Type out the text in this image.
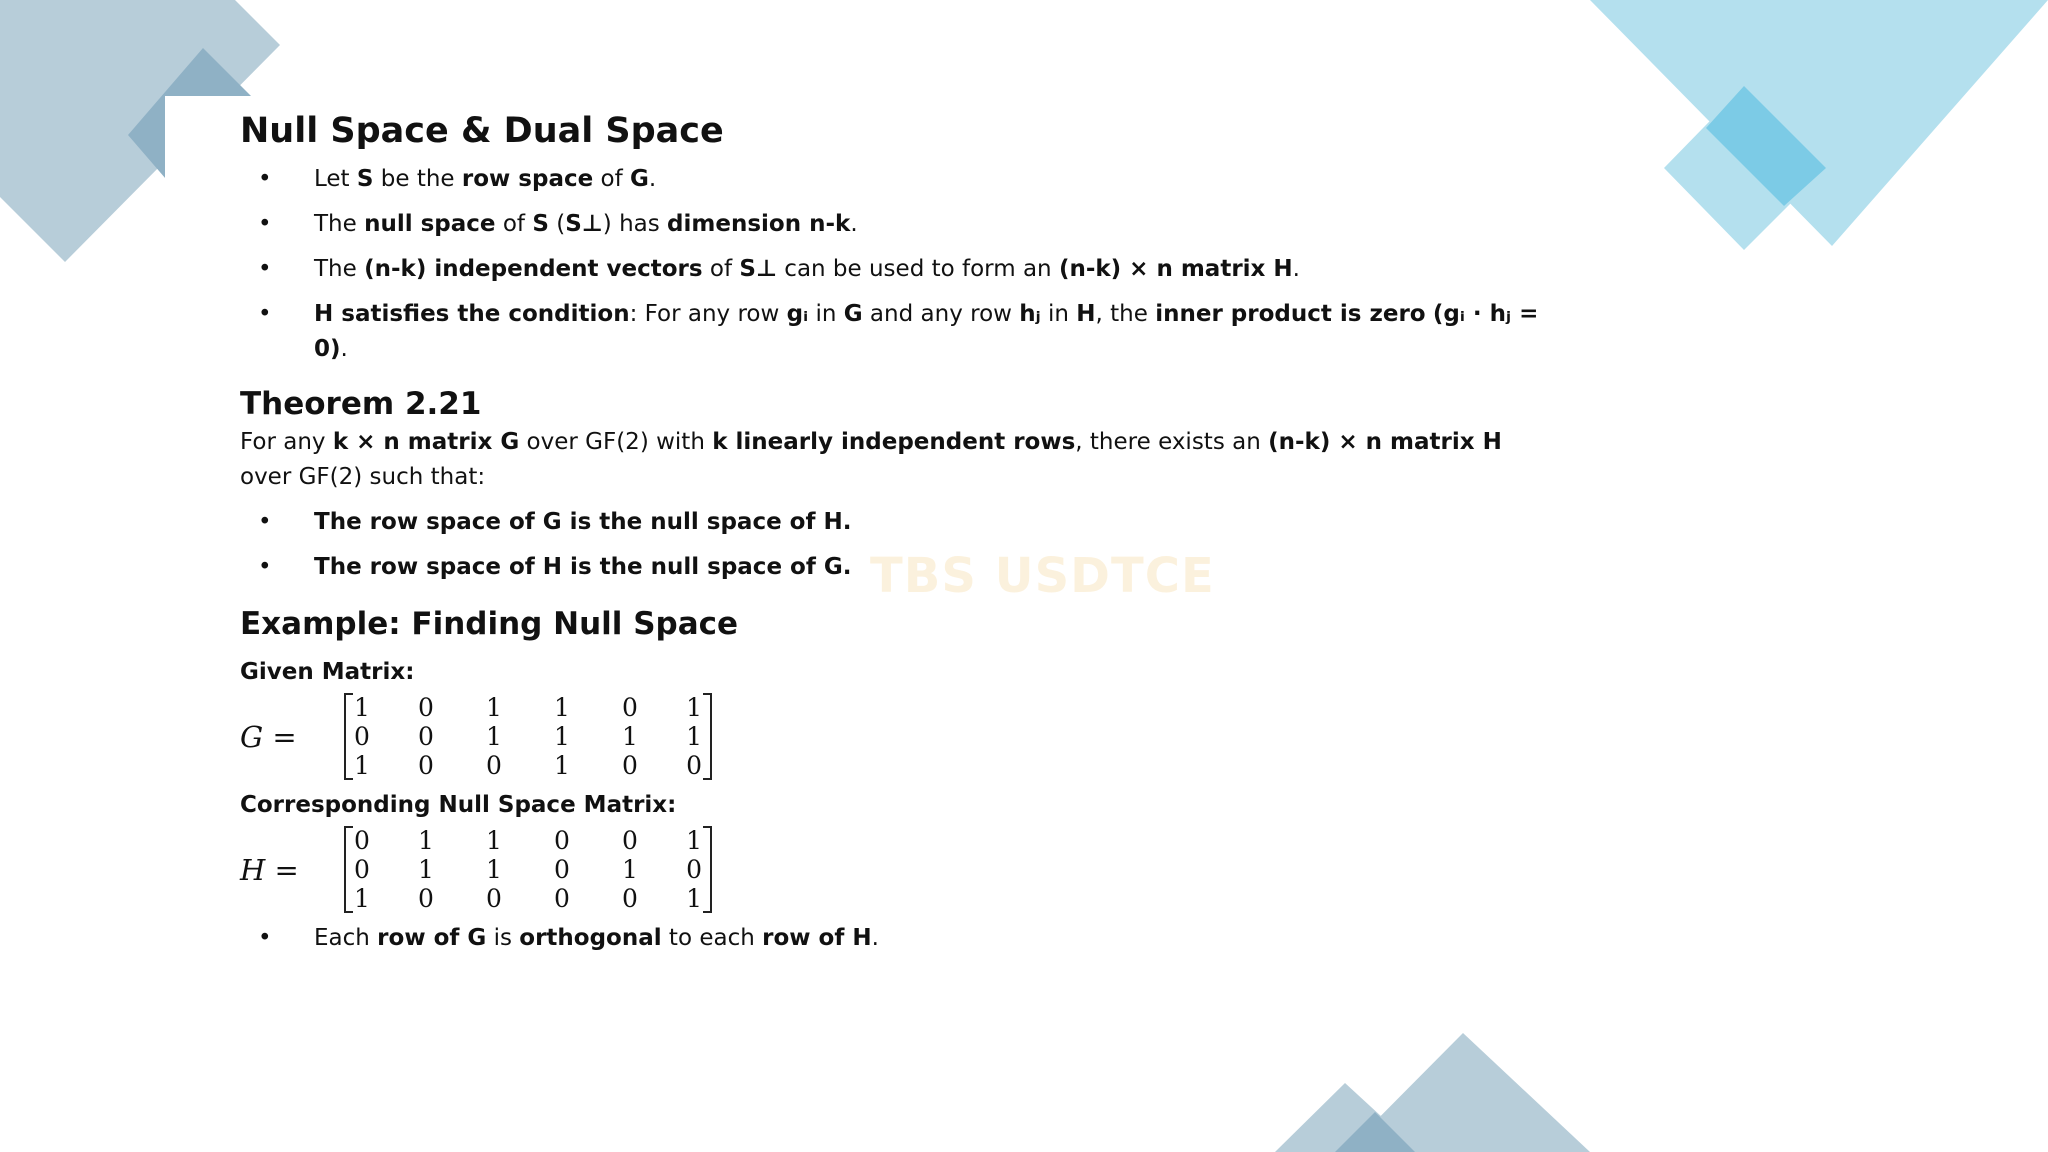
Null Space & Dual Space
• Let S be the row space of G.
• The null space of S (S⊥) has dimension n-k.
• The (n-k) independent vectors of S⊥ can be used to form an (n-k) × n matrix H.
• H satisfies the condition: For any row gᵢ in G and any row hⱼ in H, the inner product is zero (gᵢ · hⱼ = 0).
Theorem 2.21

For any k × n matrix G over GF(2) with k linearly independent rows, there exists an (n-k) × n matrix H over GF(2) such that:

• The row space of G is the null space of H.
• The row space of H is the null space of G.
Example: Finding Null Space

Given Matrix:

G =
1	0	1	1	0	1
0	0	1	1	1	1
1	0	0	1	0	0

Corresponding Null Space Matrix:

H =
0	1	1	0	0	1
0	1	1	0	1	0
1	0	0	0	0	1
• Each row of G is orthogonal to each row of H.
TBS USDTCE
